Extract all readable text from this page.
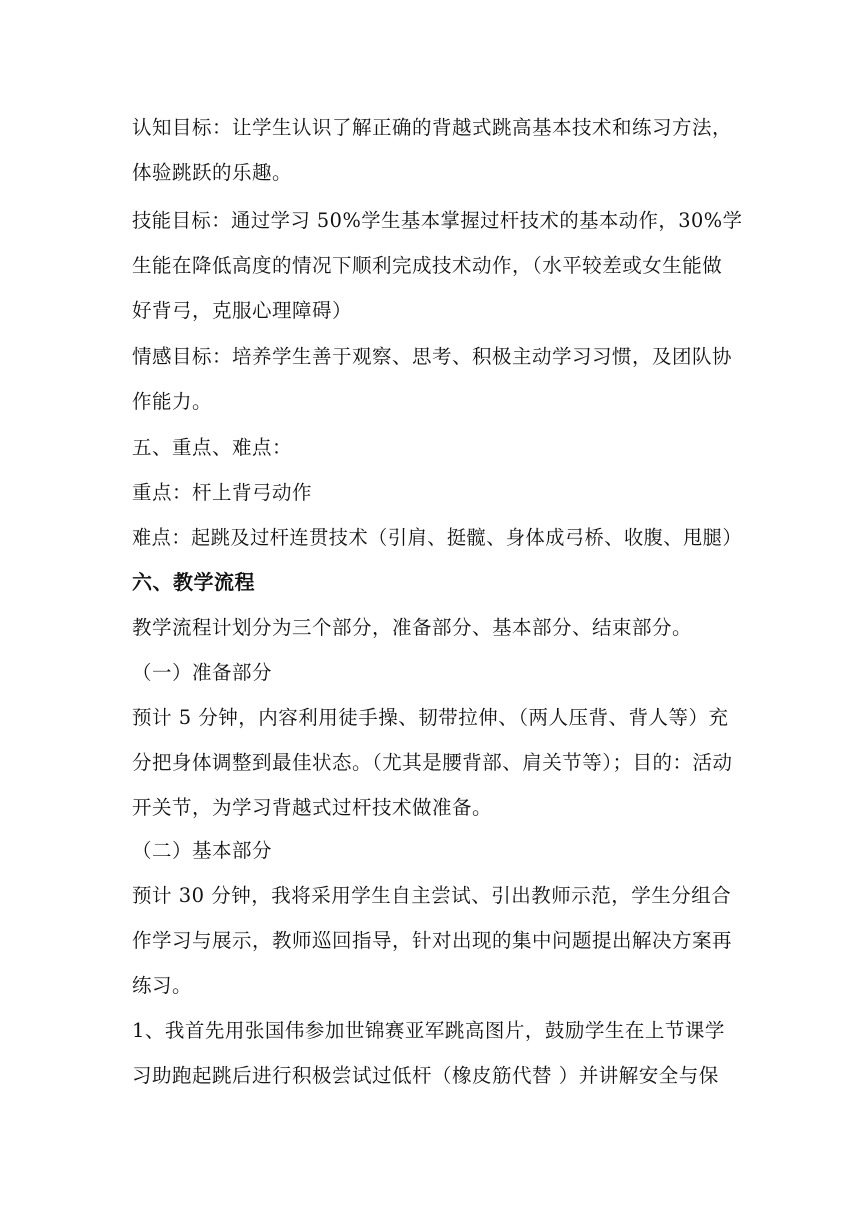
认知目标：让学生认识了解正确的背越式跳高基本技术和练习方法，
体验跳跃的乐趣。
技能目标：通过学习 50%学生基本掌握过杆技术的基本动作，30%学
生能在降低高度的情况下顺利完成技术动作，（水平较差或女生能做
好背弓，克服心理障碍）
情感目标：培养学生善于观察、思考、积极主动学习习惯，及团队协
作能力。
五、重点、难点：
重点：杆上背弓动作
难点：起跳及过杆连贯技术（引肩、挺髋、身体成弓桥、收腹、甩腿）
六、教学流程
教学流程计划分为三个部分，准备部分、基本部分、结束部分。
（一）准备部分
预计 5 分钟，内容利用徒手操、韧带拉伸、（两人压背、背人等）充
分把身体调整到最佳状态。（尤其是腰背部、肩关节等）；目的：活动
开关节，为学习背越式过杆技术做准备。
（二）基本部分
预计 30 分钟，我将采用学生自主尝试、引出教师示范，学生分组合
作学习与展示，教师巡回指导，针对出现的集中问题提出解决方案再
练习。
1、我首先用张国伟参加世锦赛亚军跳高图片，鼓励学生在上节课学
习助跑起跳后进行积极尝试过低杆（橡皮筋代替 ）并讲解安全与保
